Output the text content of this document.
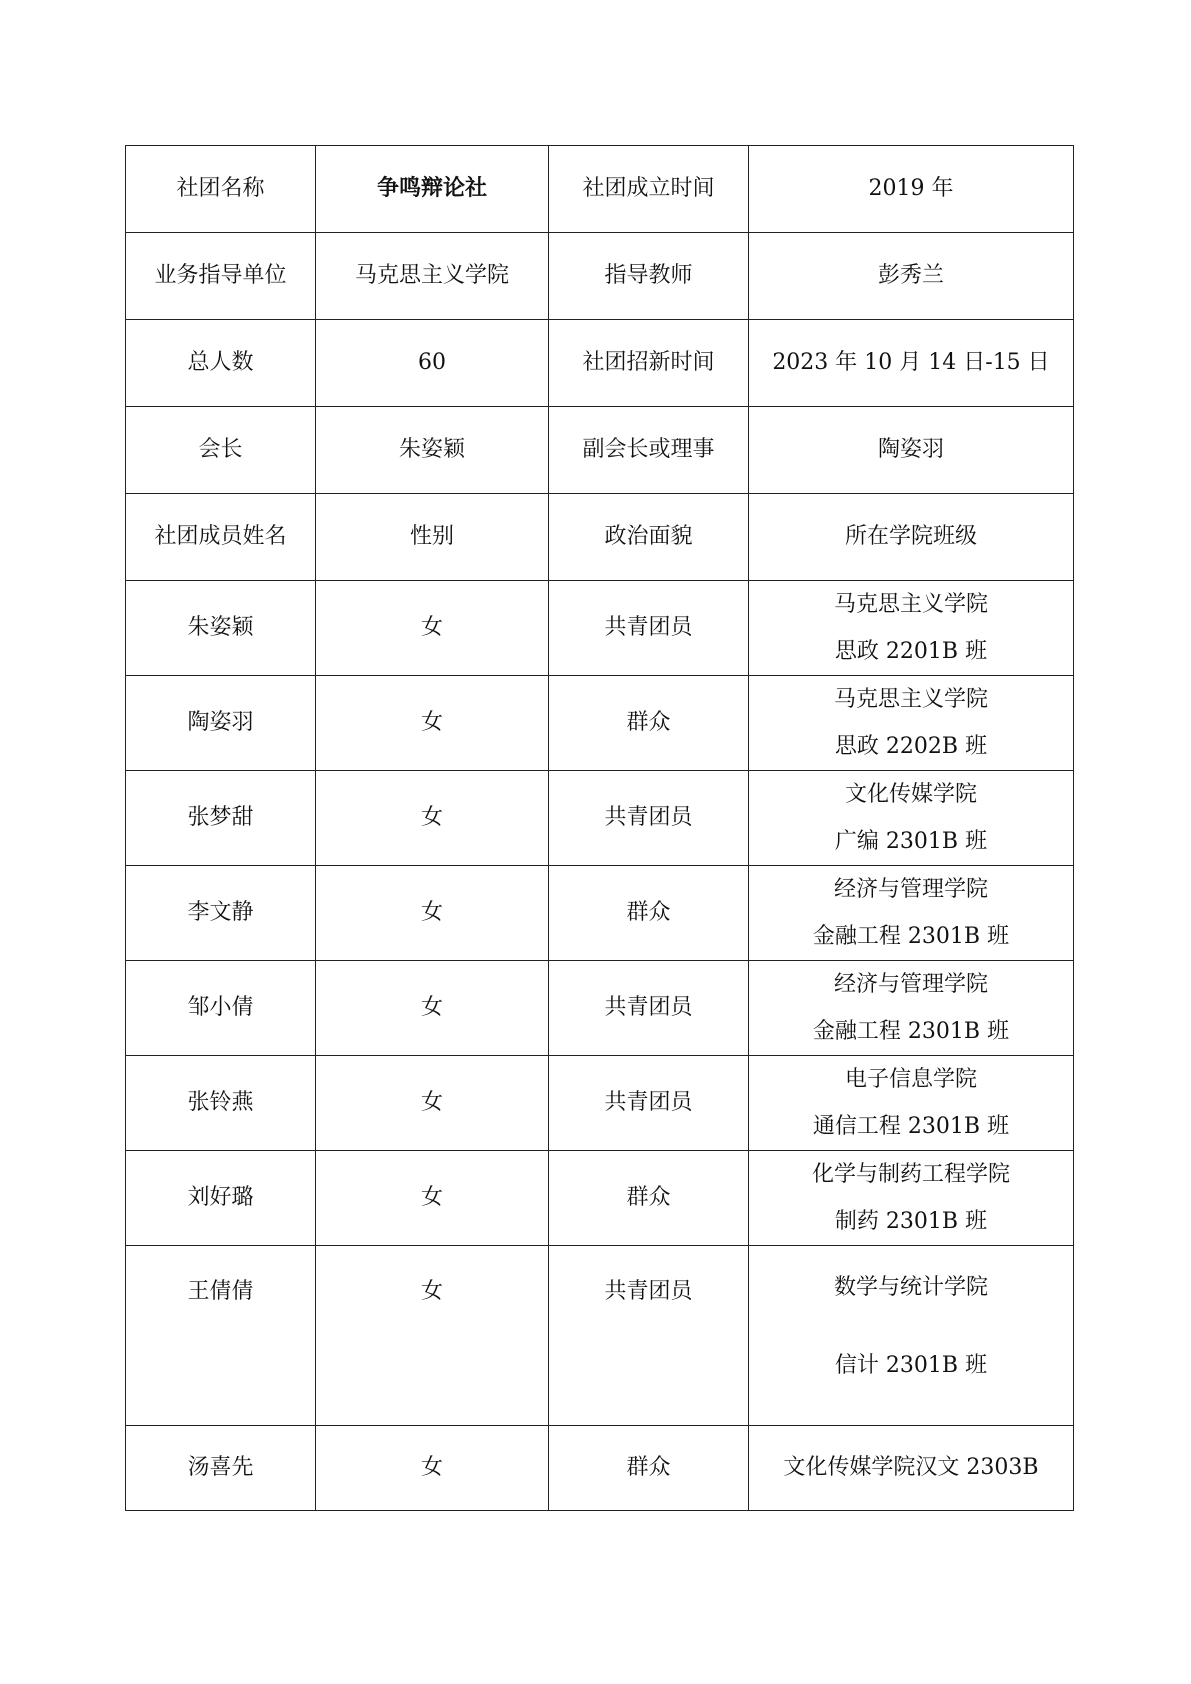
社团名称	争鸣辩论社	社团成立时间	2019 年
业务指导单位	马克思主义学院	指导教师	彭秀兰
总人数	60	社团招新时间	2023 年 10 月 14 日-15 日
会长	朱姿颖	副会长或理事	陶姿羽
社团成员姓名	性别	政治面貌	所在学院班级
朱姿颖	女	共青团员	马克思主义学院
思政 2201B 班

陶姿羽	女	群众	马克思主义学院
思政 2202B 班

张梦甜	女	共青团员	文化传媒学院
广编 2301B 班

李文静	女	群众	经济与管理学院
金融工程 2301B 班

邹小倩	女	共青团员	经济与管理学院
金融工程 2301B 班

张铃燕	女	共青团员	电子信息学院
通信工程 2301B 班

刘好璐	女	群众	化学与制药工程学院
制药 2301B 班

王倩倩	女	共青团员	数学与统计学院
信计 2301B 班

汤喜先	女	群众	文化传媒学院汉文 2303B
